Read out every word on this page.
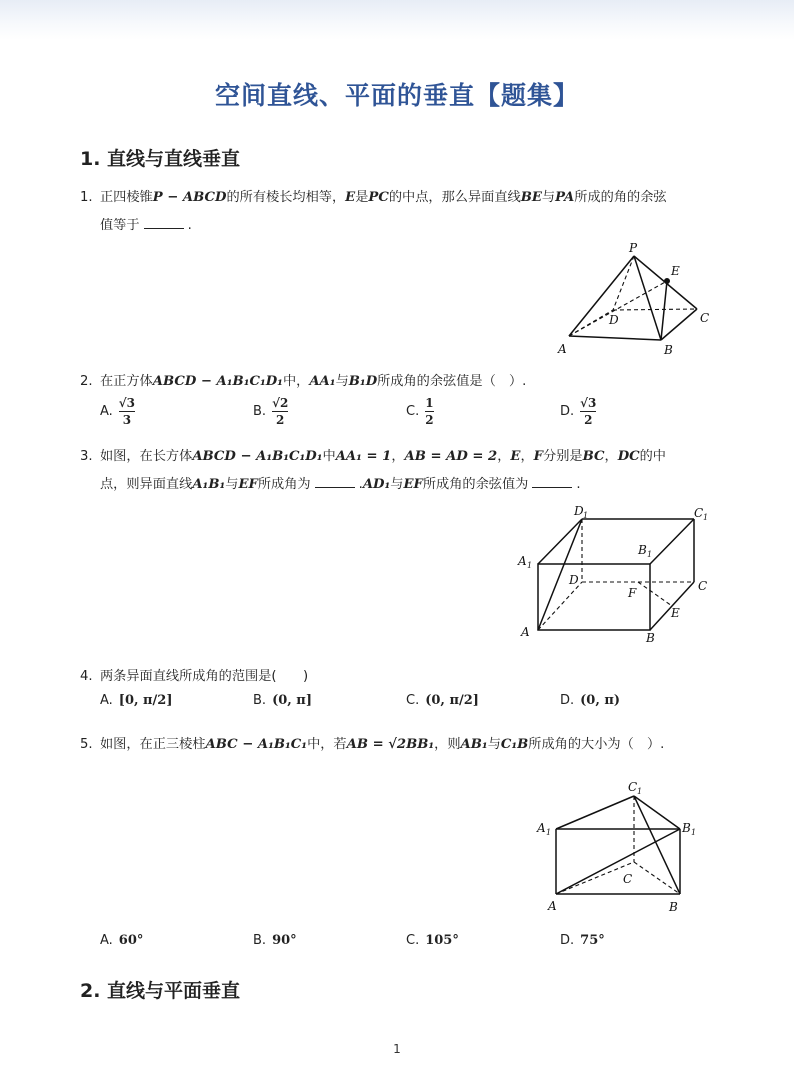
空间直线、平面的垂直【题集】
1. 直线与直线垂直
1. 正四棱锥P − ABCD的所有棱长均相等，E是PC的中点，那么异面直线BE与PA所成的角的余弦
值等于	.
P
E
D	C
A	B
2. 在正方体ABCD − A₁B₁C₁D₁中，AA₁与B₁D所成角的余弦值是（　）.
A. $\frac{√3}{3}$	B. $\frac{√2}{2}$	C. $\frac{1}{2}$	D. $\frac{√3}{2}$
3. 如图，在长方体ABCD − A₁B₁C₁D₁中AA₁ = 1，AB = AD = 2，E，F分别是BC，DC的中
点，则异面直线A₁B₁与EF所成角为	.AD₁与EF所成角的余弦值为	.
D 1	C 1
A 1
B 1
D	C
F
E
A	B
4. 两条异面直线所成角的范围是(　　)
A. [0, π/2]	B. (0, π]	C. (0, π/2]	D. (0, π)
5. 如图，在正三棱柱ABC − A₁B₁C₁中，若AB = √2BB₁，则AB₁与C₁B所成角的大小为（　）.
C 1
A 1	B 1
C
A	B
A. 60°	B. 90°	C. 105°	D. 75°
2. 直线与平面垂直
1
